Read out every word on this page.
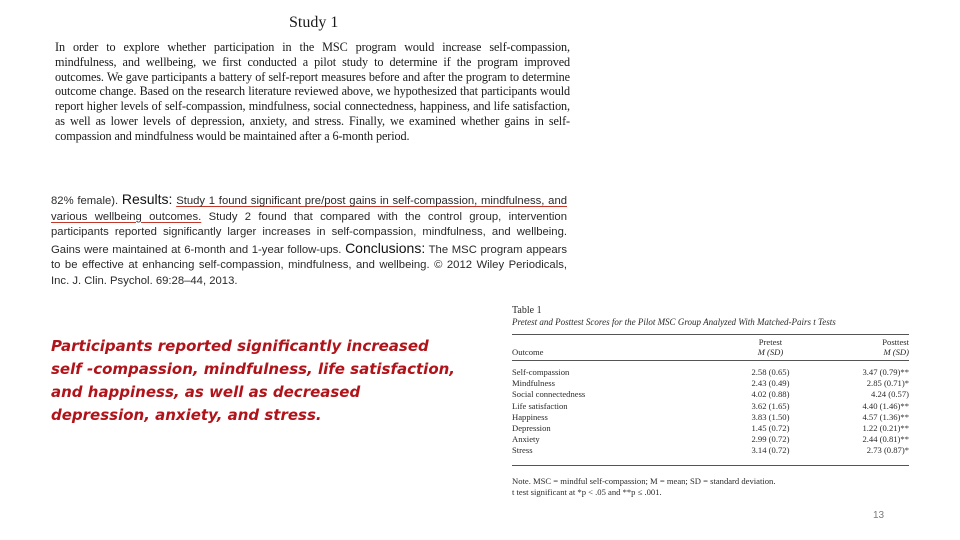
Study 1
In order to explore whether participation in the MSC program would increase self-compassion, mindfulness, and wellbeing, we first conducted a pilot study to determine if the program improved outcomes. We gave participants a battery of self-report measures before and after the program to determine outcome change. Based on the research literature reviewed above, we hypothesized that participants would report higher levels of self-compassion, mindfulness, social connectedness, happiness, and life satisfaction, as well as lower levels of depression, anxiety, and stress. Finally, we examined whether gains in self-compassion and mindfulness would be maintained after a 6-month period.
82% female). Results: Study 1 found significant pre/post gains in self-compassion, mindfulness, and various wellbeing outcomes. Study 2 found that compared with the control group, intervention participants reported significantly larger increases in self-compassion, mindfulness, and wellbeing. Gains were maintained at 6-month and 1-year follow-ups. Conclusions: The MSC program appears to be effective at enhancing self-compassion, mindfulness, and wellbeing. © 2012 Wiley Periodicals, Inc. J. Clin. Psychol. 69:28–44, 2013.
Participants reported significantly increased self -compassion, mindfulness, life satisfaction, and happiness, as well as decreased depression, anxiety, and stress.
Table 1
Pretest and Posttest Scores for the Pilot MSC Group Analyzed With Matched-Pairs t Tests
	Pretest	Posttest
Outcome	M (SD)	M (SD)
Self-compassion	2.58 (0.65)	3.47 (0.79)**
Mindfulness	2.43 (0.49)	2.85 (0.71)*
Social connectedness	4.02 (0.88)	4.24 (0.57)
Life satisfaction	3.62 (1.65)	4.40 (1.46)**
Happiness	3.83 (1.50)	4.57 (1.36)**
Depression	1.45 (0.72)	1.22 (0.21)**
Anxiety	2.99 (0.72)	2.44 (0.81)**
Stress	3.14 (0.72)	2.73 (0.87)*
Note. MSC = mindful self-compassion; M = mean; SD = standard deviation.
t test significant at *p < .05 and **p ≤ .001.
13
